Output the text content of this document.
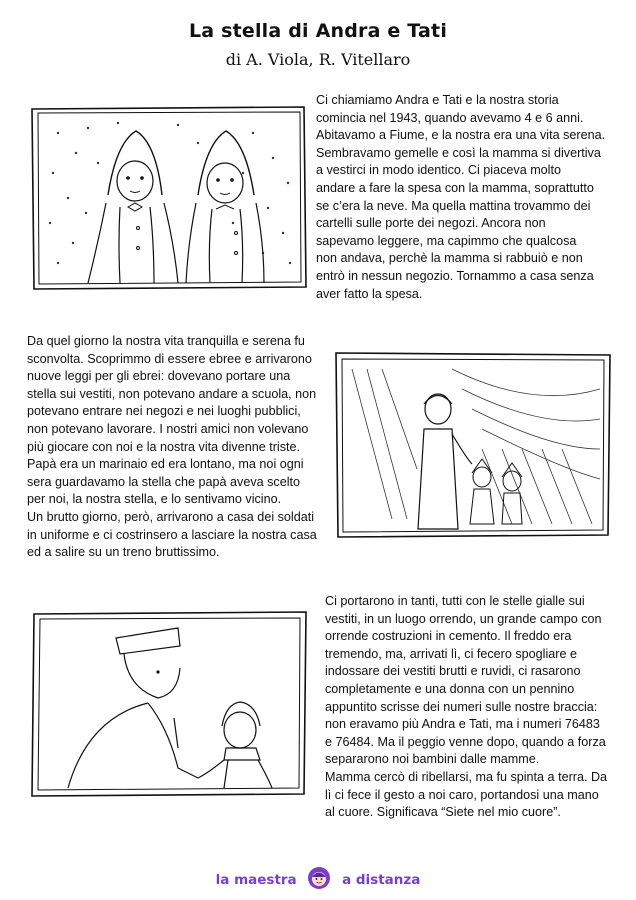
La stella di Andra e Tati
di A. Viola, R. Vitellaro
Ci chiamiamo Andra e Tati e la nostra storia
comincia nel 1943, quando avevamo 4 e 6 anni.
Abitavamo a Fiume, e la nostra era una vita serena.
Sembravamo gemelle e così la mamma si divertiva
a vestirci in modo identico. Ci piaceva molto
andare a fare la spesa con la mamma, soprattutto
se c’era la neve. Ma quella mattina trovammo dei
cartelli sulle porte dei negozi. Ancora non
sapevamo leggere, ma capimmo che qualcosa
non andava, perchè la mamma si rabbuiò e non
entrò in nessun negozio. Tornammo a casa senza
aver fatto la spesa.
Da quel giorno la nostra vita tranquilla e serena fu
sconvolta. Scoprimmo di essere ebree e arrivarono
nuove leggi per gli ebrei: dovevano portare una
stella sui vestiti, non potevano andare a scuola, non
potevano entrare nei negozi e nei luoghi pubblici,
non potevano lavorare. I nostri amici non volevano
più giocare con noi e la nostra vita divenne triste.
Papà era un marinaio ed era lontano, ma noi ogni
sera guardavamo la stella che papà aveva scelto
per noi, la nostra stella, e lo sentivamo vicino.
Un brutto giorno, però, arrivarono a casa dei soldati
in uniforme e ci costrinsero a lasciare la nostra casa
ed a salire su un treno bruttissimo.
Ci portarono in tanti, tutti con le stelle gialle sui
vestiti, in un luogo orrendo, un grande campo con
orrende costruzioni in cemento. Il freddo era
tremendo, ma, arrivati lì, ci fecero spogliare e
indossare dei vestiti brutti e ruvidi, ci rasarono
completamente e una donna con un pennino
appuntito scrisse dei numeri sulle nostre braccia:
non eravamo più Andra e Tati, ma i numeri 76483
e 76484. Ma il peggio venne dopo, quando a forza
separarono noi bambini dalle mamme.
Mamma cercò di ribellarsi, ma fu spinta a terra. Da
lì ci fece il gesto a noi caro, portandosi una mano
al cuore. Significava “Siete nel mio cuore”.
la maestra	a distanza
